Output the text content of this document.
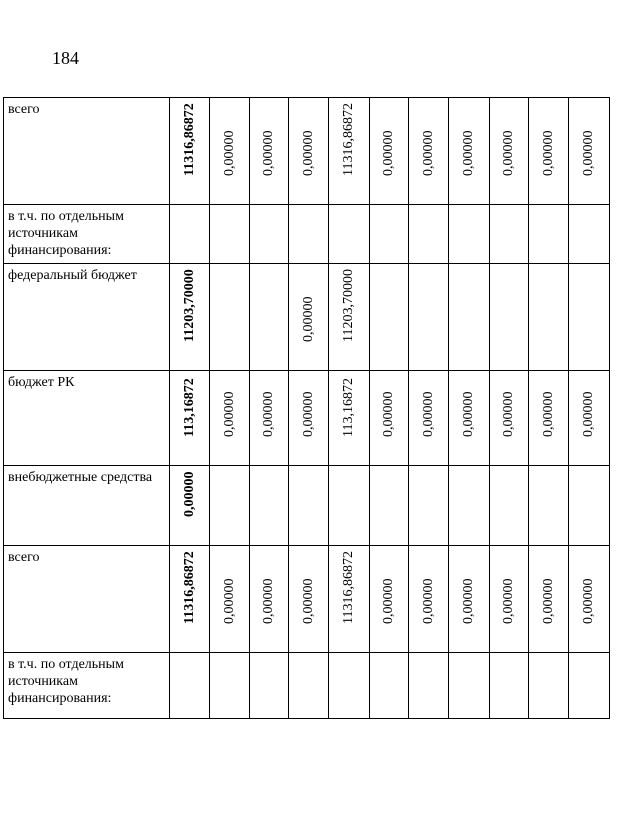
184
всего	11316,86872	0,00000	0,00000	0,00000	11316,86872	0,00000	0,00000	0,00000	0,00000	0,00000	0,00000

в т.ч. по отдельным источникам финансирования:	

федеральный бюджет	11203,70000			0,00000	11203,70000						

бюджет РК	113,16872	0,00000	0,00000	0,00000	113,16872	0,00000	0,00000	0,00000	0,00000	0,00000	0,00000

внебюджетные средства	0,00000										

всего	11316,86872	0,00000	0,00000	0,00000	11316,86872	0,00000	0,00000	0,00000	0,00000	0,00000	0,00000

в т.ч. по отдельным источникам финансирования:	
